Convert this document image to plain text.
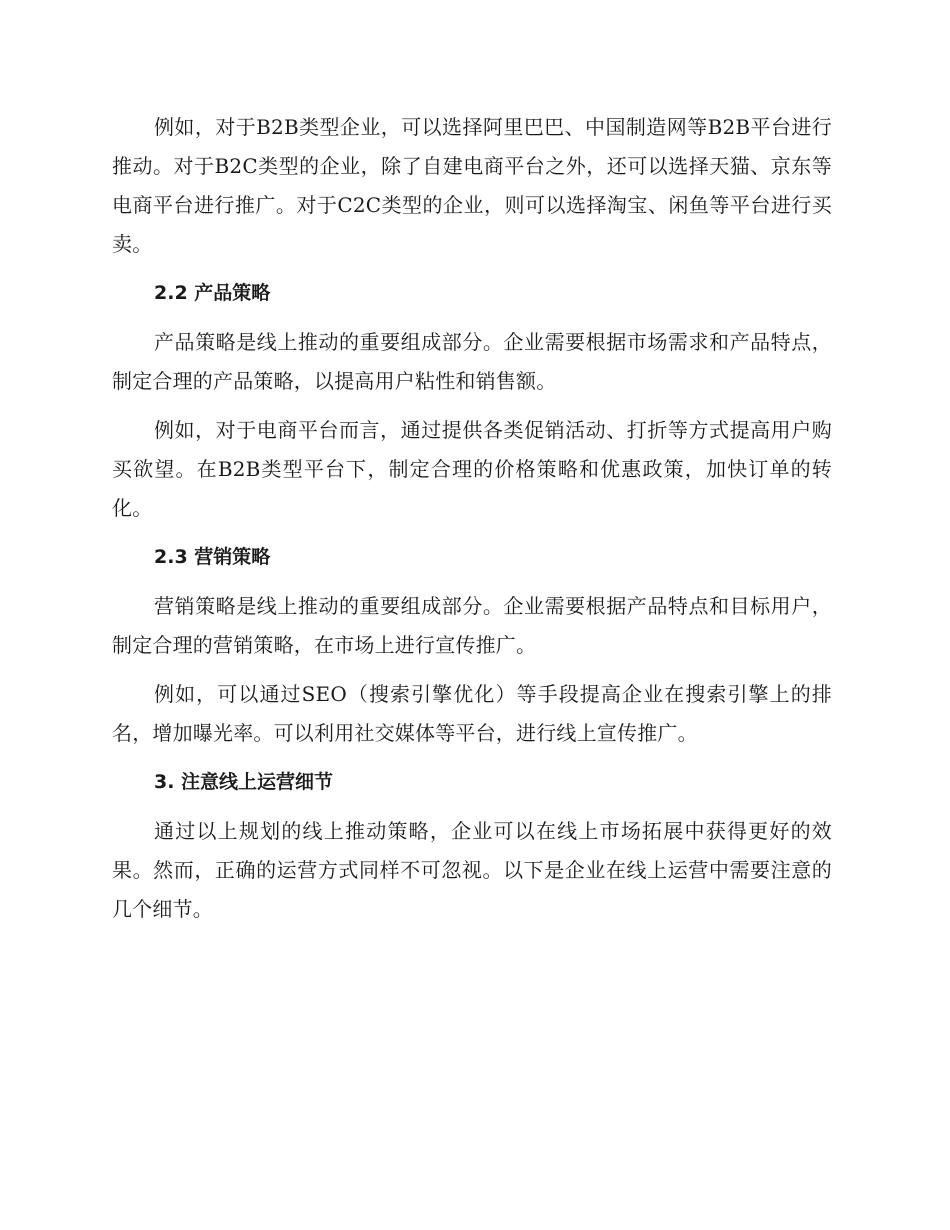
例如，对于B2B类型企业，可以选择阿里巴巴、中国制造网等B2B平台进行推动。对于B2C类型的企业，除了自建电商平台之外，还可以选择天猫、京东等电商平台进行推广。对于C2C类型的企业，则可以选择淘宝、闲鱼等平台进行买卖。

2.2 产品策略

产品策略是线上推动的重要组成部分。企业需要根据市场需求和产品特点，制定合理的产品策略，以提高用户粘性和销售额。

例如，对于电商平台而言，通过提供各类促销活动、打折等方式提高用户购买欲望。在B2B类型平台下，制定合理的价格策略和优惠政策，加快订单的转化。

2.3 营销策略

营销策略是线上推动的重要组成部分。企业需要根据产品特点和目标用户，制定合理的营销策略，在市场上进行宣传推广。

例如，可以通过SEO（搜索引擎优化）等手段提高企业在搜索引擎上的排名，增加曝光率。可以利用社交媒体等平台，进行线上宣传推广。

3. 注意线上运营细节

通过以上规划的线上推动策略，企业可以在线上市场拓展中获得更好的效果。然而，正确的运营方式同样不可忽视。以下是企业在线上运营中需要注意的几个细节。
